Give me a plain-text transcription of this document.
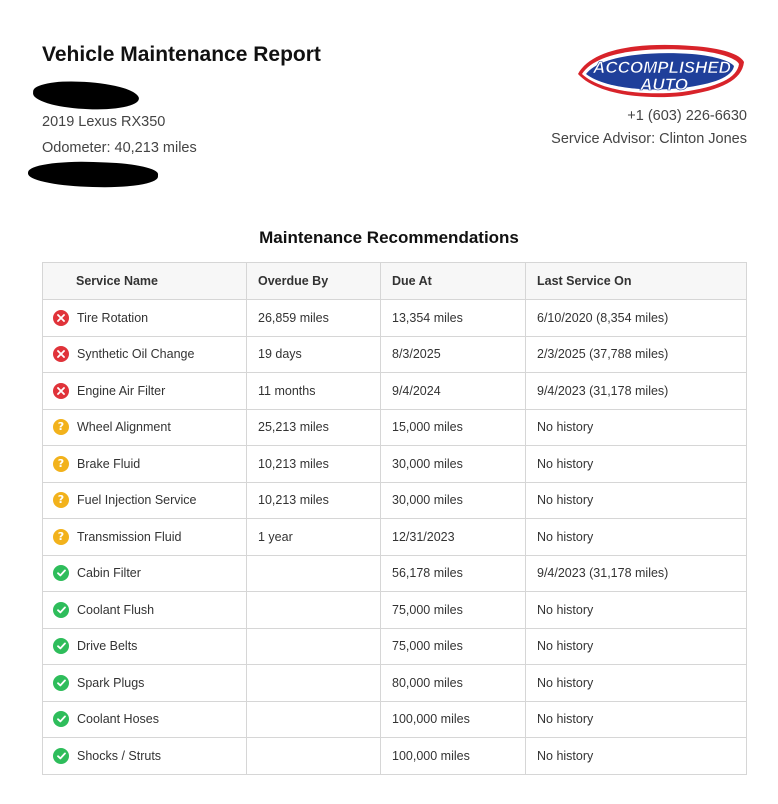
Vehicle Maintenance Report
2019 Lexus RX350
Odometer: 40,213 miles
ACCOMPLISHED
AUTO
+1 (603) 226-6630
Service Advisor: Clinton Jones
Maintenance Recommendations
Service Name	Overdue By	Due At	Last Service On

Tire Rotation	26,859 miles	13,354 miles	6/10/2020 (8,354 miles)

Synthetic Oil Change	19 days	8/3/2025	2/3/2025 (37,788 miles)

Engine Air Filter	11 months	9/4/2024	9/4/2023 (31,178 miles)

? Wheel Alignment	25,213 miles	15,000 miles	No history

? Brake Fluid	10,213 miles	30,000 miles	No history

? Fuel Injection Service	10,213 miles	30,000 miles	No history

? Transmission Fluid	1 year	12/31/2023	No history

Cabin Filter		56,178 miles	9/4/2023 (31,178 miles)

Coolant Flush		75,000 miles	No history

Drive Belts		75,000 miles	No history

Spark Plugs		80,000 miles	No history

Coolant Hoses		100,000 miles	No history

Shocks / Struts		100,000 miles	No history
